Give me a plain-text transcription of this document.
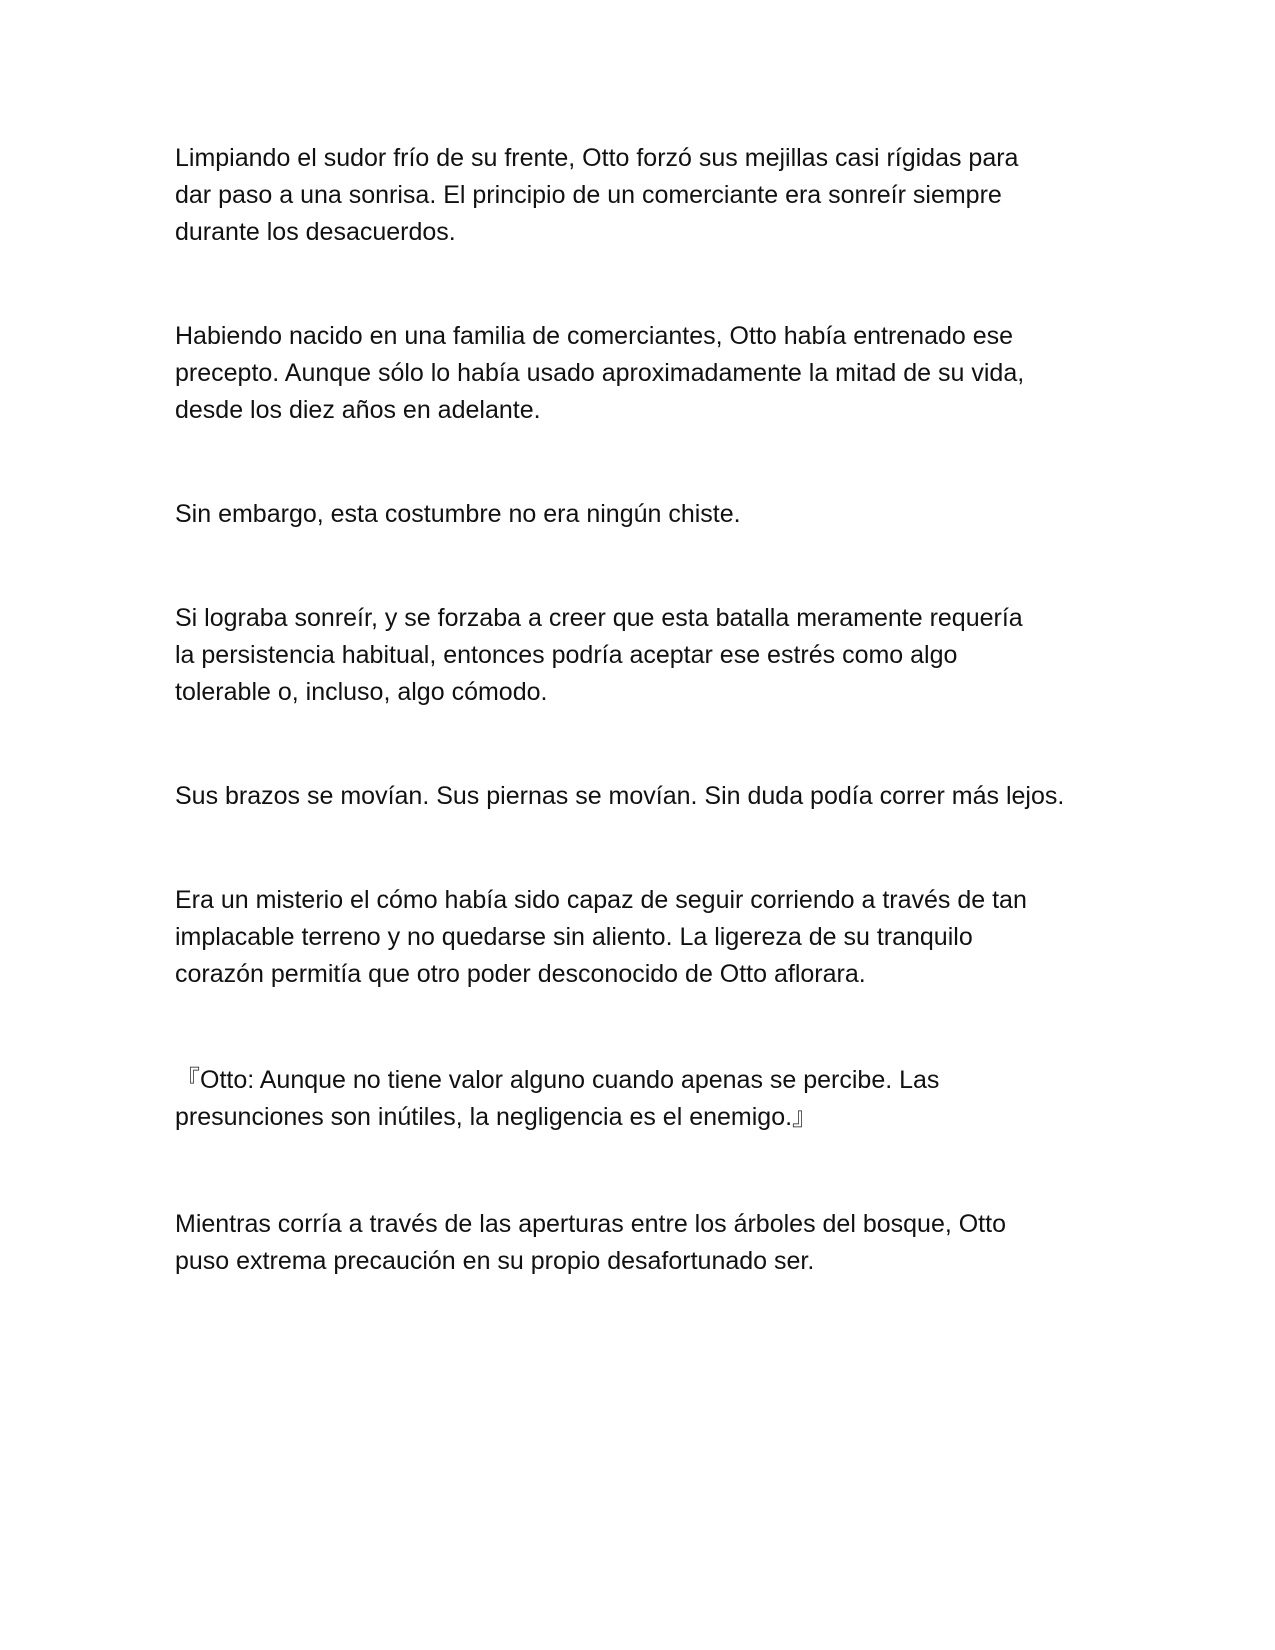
Limpiando el sudor frío de su frente, Otto forzó sus mejillas casi rígidas para
dar paso a una sonrisa. El principio de un comerciante era sonreír siempre
durante los desacuerdos.
Habiendo nacido en una familia de comerciantes, Otto había entrenado ese
precepto. Aunque sólo lo había usado aproximadamente la mitad de su vida,
desde los diez años en adelante.
Sin embargo, esta costumbre no era ningún chiste.
Si lograba sonreír, y se forzaba a creer que esta batalla meramente requería
la persistencia habitual, entonces podría aceptar ese estrés como algo
tolerable o, incluso, algo cómodo.
Sus brazos se movían. Sus piernas se movían. Sin duda podía correr más lejos.
Era un misterio el cómo había sido capaz de seguir corriendo a través de tan
implacable terreno y no quedarse sin aliento. La ligereza de su tranquilo
corazón permitía que otro poder desconocido de Otto aflorara.
『Otto: Aunque no tiene valor alguno cuando apenas se percibe. Las
presunciones son inútiles, la negligencia es el enemigo.』
Mientras corría a través de las aperturas entre los árboles del bosque, Otto
puso extrema precaución en su propio desafortunado ser.
